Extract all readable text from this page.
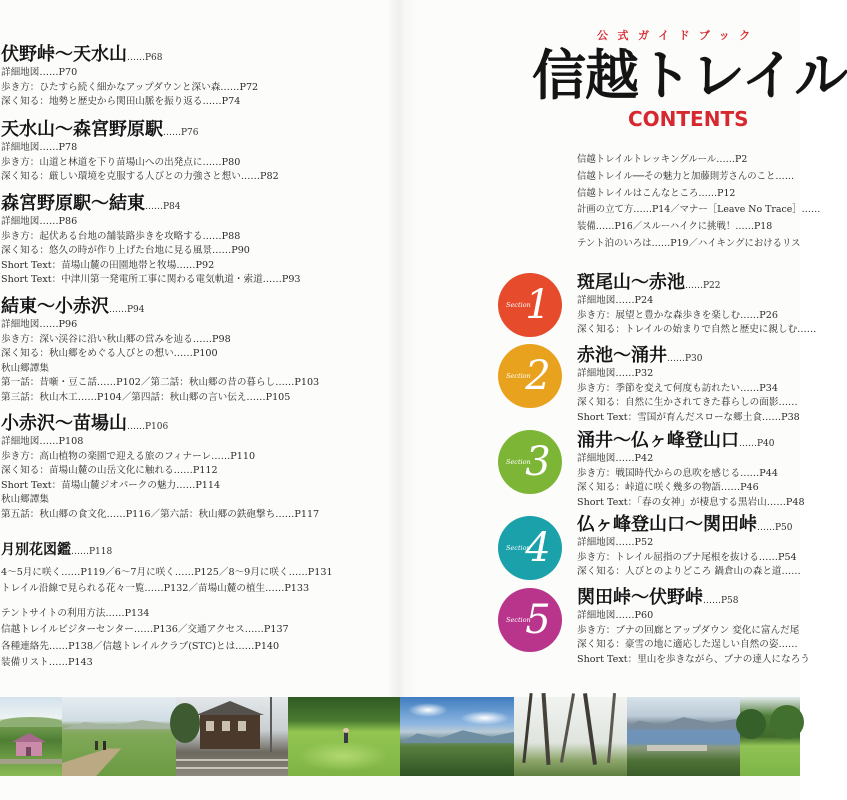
伏野峠〜天水山……P68
詳細地図……P70
歩き方：ひたすら続く細かなアップダウンと深い森……P72
深く知る：地勢と歴史から関田山脈を振り返る……P74
天水山〜森宮野原駅……P76
詳細地図……P78
歩き方：山道と林道を下り苗場山への出発点に……P80
深く知る：厳しい環境を克服する人びとの力強さと想い……P82
森宮野原駅〜結東……P84
詳細地図……P86
歩き方：起伏ある台地の舗装路歩きを攻略する……P88
深く知る：悠久の時が作り上げた台地に見る風景……P90
Short Text：苗場山麓の田園地帯と牧場……P92
Short Text：中津川第一発電所工事に関わる電気軌道・索道……P93
結東〜小赤沢……P94
詳細地図……P96
歩き方：深い渓谷に沿い秋山郷の営みを辿る……P98
深く知る：秋山郷をめぐる人びとの想い……P100
秋山郷譚集
第一話：昔噺・豆こ話……P102／第二話：秋山郷の昔の暮らし……P103
第三話：秋山木工……P104／第四話：秋山郷の言い伝え……P105
小赤沢〜苗場山……P106
詳細地図……P108
歩き方：高山植物の楽園で迎える旅のフィナーレ……P110
深く知る：苗場山麓の山岳文化に触れる……P112
Short Text：苗場山麓ジオパークの魅力……P114
秋山郷譚集
第五話：秋山郷の食文化……P116／第六話：秋山郷の鉄砲撃ち……P117
月別花図鑑……P118
4〜5月に咲く……P119／6〜7月に咲く……P125／8〜9月に咲く……P131
トレイル沿線で見られる花々一覧……P132／苗場山麓の植生……P133
テントサイトの利用方法……P134
信越トレイルビジターセンター……P136／交通アクセス……P137
各種連絡先……P138／信越トレイルクラブ(STC)とは……P140
装備リスト……P143
公式ガイドブック
信越トレイル
CONTENTS
信越トレイルトレッキングルール……P2
信越トレイル──その魅力と加藤則芳さんのこと……
信越トレイルはこんなところ……P12
計画の立て方……P14／マナー［Leave No Trace］……
装備……P16／スルーハイクに挑戦！……P18
テント泊のいろは……P19／ハイキングにおけるリス
Section
1 斑尾山〜赤池……P22
詳細地図……P24
歩き方：展望と豊かな森歩きを楽しむ……P26
深く知る：トレイルの始まりで自然と歴史に親しむ……
Section
2 赤池〜涌井……P30
詳細地図……P32
歩き方：季節を変えて何度も訪れたい……P34
深く知る：自然に生かされてきた暮らしの面影……
Short Text：雪国が育んだスローな郷土食……P38
Section
3 涌井〜仏ヶ峰登山口……P40
詳細地図……P42
歩き方：戦国時代からの息吹を感じる……P44
深く知る：峠道に咲く幾多の物語……P46
Short Text：「春の女神」が棲息する黒岩山……P48
Section
4
仏ヶ峰登山口〜関田峠……P50
詳細地図……P52
歩き方：トレイル屈指のブナ尾根を抜ける……P54
深く知る：人びとのよりどころ 鍋倉山の森と道……
Section
5 関田峠〜伏野峠……P58
詳細地図……P60
歩き方：ブナの回廊とアップダウン 変化に富んだ尾
深く知る：豪雪の地に適応した逞しい自然の姿……
Short Text：里山を歩きながら、ブナの達人になろう
